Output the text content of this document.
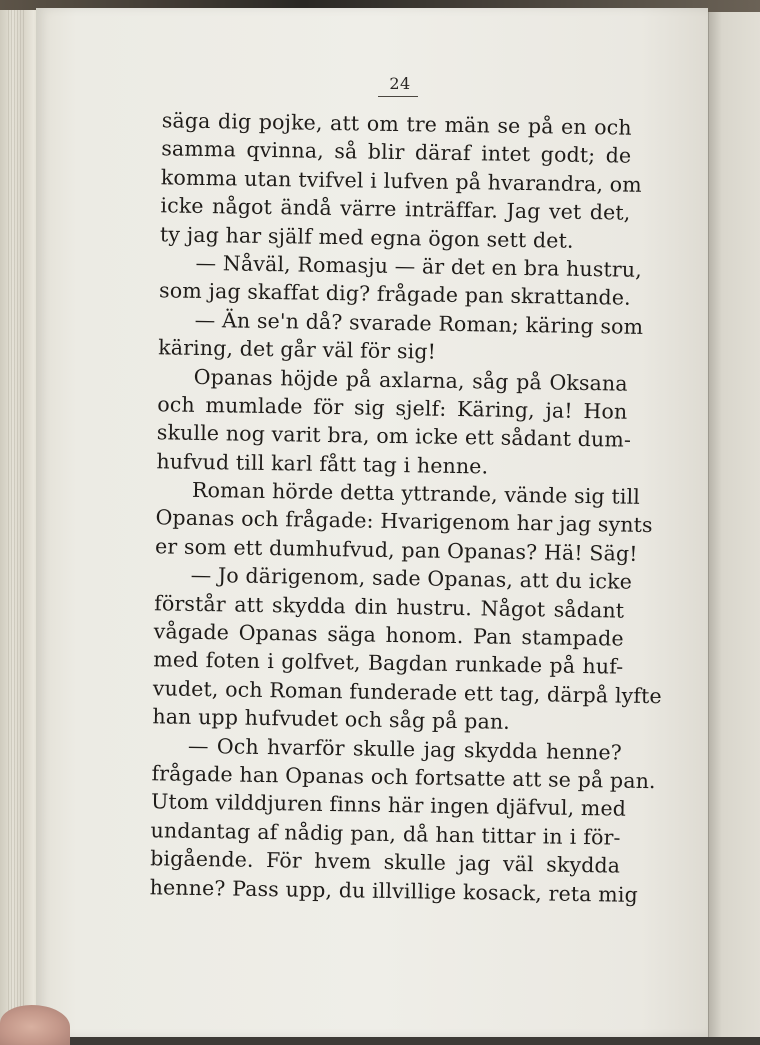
24
säga dig pojke, att om tre män se på en och
samma qvinna, så blir däraf intet godt; de
komma utan tvifvel i lufven på hvarandra, om
icke något ändå värre inträffar. Jag vet det,
ty jag har själf med egna ögon sett det.
— Nåväl, Romasju — är det en bra hustru,
som jag skaffat dig? frågade pan skrattande.
— Än se'n då? svarade Roman; käring som
käring, det går väl för sig!
Opanas höjde på axlarna, såg på Oksana
och mumlade för sig sjelf: Käring, ja! Hon
skulle nog varit bra, om icke ett sådant dum-
hufvud till karl fått tag i henne.
Roman hörde detta yttrande, vände sig till
Opanas och frågade: Hvarigenom har jag synts
er som ett dumhufvud, pan Opanas? Hä! Säg!
— Jo därigenom, sade Opanas, att du icke
förstår att skydda din hustru. Något sådant
vågade Opanas säga honom. Pan stampade
med foten i golfvet, Bagdan runkade på huf-
vudet, och Roman funderade ett tag, därpå lyfte
han upp hufvudet och såg på pan.
— Och hvarför skulle jag skydda henne?
frågade han Opanas och fortsatte att se på pan.
Utom vilddjuren finns här ingen djäfvul, med
undantag af nådig pan, då han tittar in i för-
bigående. För hvem skulle jag väl skydda
henne? Pass upp, du illvillige kosack, reta mig
